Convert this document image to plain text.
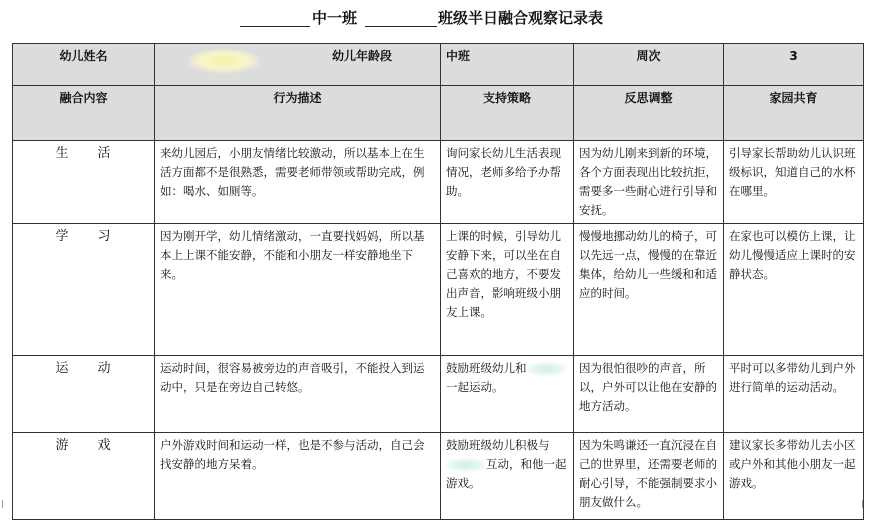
中一班	班级半日融合观察记录表
幼儿姓名	幼儿年龄段	中班	周次	3
融合内容	行为描述	支持策略	反思调整	家园共育
生　　活	来幼儿园后，小朋友情绪比较激动，所以基本上在生活方面都不是很熟悉，需要老师带领或帮助完成，例如：喝水、如厕等。	询问家长幼儿生活表现情况，老师多给予办帮助。	因为幼儿刚来到新的环境，各个方面表现出比较抗拒，需要多一些耐心进行引导和安抚。	引导家长帮助幼儿认识班级标识，知道自己的水杯在哪里。
学　　习	因为刚开学，幼儿情绪激动，一直要找妈妈，所以基本上上课不能安静，不能和小朋友一样安静地坐下来。	上课的时候，引导幼儿安静下来，可以坐在自己喜欢的地方，不要发出声音，影响班级小朋友上课。	慢慢地挪动幼儿的椅子，可以先远一点，慢慢的在靠近集体，给幼儿一些缓和和适应的时间。	在家也可以模仿上课，让幼儿慢慢适应上课时的安静状态。
运　　动	运动时间，很容易被旁边的声音吸引，不能投入到运动中，只是在旁边自己转悠。	鼓励班级幼儿和一起运动。	因为很怕很吵的声音，所以，户外可以让他在安静的地方活动。	平时可以多带幼儿到户外进行简单的运动活动。
游　　戏	户外游戏时间和运动一样，也是不参与活动，自己会找安静的地方呆着。	鼓励班级幼儿积极与互动，和他一起游戏。	因为朱鸣谦还一直沉浸在自己的世界里，还需要老师的耐心引导，不能强制要求小朋友做什么。	建议家长多带幼儿去小区或户外和其他小朋友一起游戏。
